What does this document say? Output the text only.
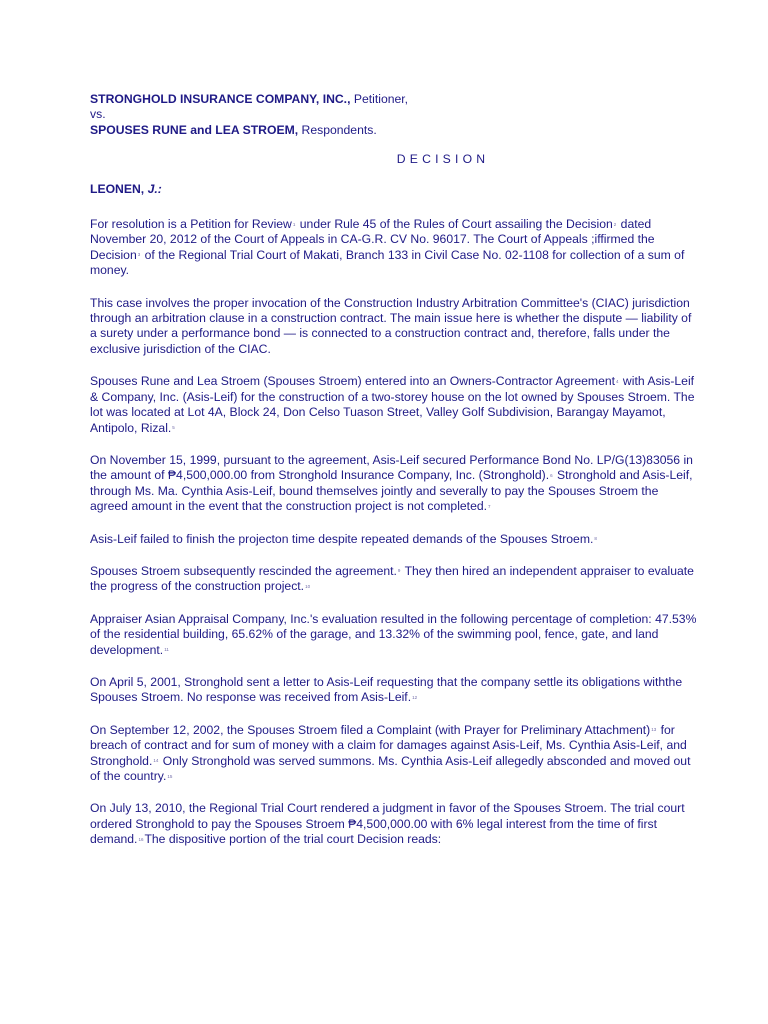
STRONGHOLD INSURANCE COMPANY, INC., Petitioner,

vs.

SPOUSES RUNE and LEA STROEM, Respondents.

DECISION

LEONEN, J.:

For resolution is a Petition for Review1 under Rule 45 of the Rules of Court assailing the Decision2 dated November 20, 2012 of the Court of Appeals in CA-G.R. CV No. 96017. The Court of Appeals ;iffirmed the Decision3 of the Regional Trial Court of Makati, Branch 133 in Civil Case No. 02-1108 for collection of a sum of money.

This case involves the proper invocation of the Construction Industry Arbitration Committee's (CIAC) jurisdiction through an arbitration clause in a construction contract. The main issue here is whether the dispute — liability of a surety under a performance bond — is connected to a construction contract and, therefore, falls under the exclusive jurisdiction of the CIAC.

Spouses Rune and Lea Stroem (Spouses Stroem) entered into an Owners-Contractor Agreement4 with Asis-Leif & Company, Inc. (Asis-Leif) for the construction of a two-storey house on the lot owned by Spouses Stroem. The lot was located at Lot 4A, Block 24, Don Celso Tuason Street, Valley Golf Subdivision, Barangay Mayamot, Antipolo, Rizal.5

On November 15, 1999, pursuant to the agreement, Asis-Leif secured Performance Bond No. LP/G(13)83056 in the amount of ₱4,500,000.00 from Stronghold Insurance Company, Inc. (Stronghold).6 Stronghold and Asis-Leif, through Ms. Ma. Cynthia Asis-Leif, bound themselves jointly and severally to pay the Spouses Stroem the agreed amount in the event that the construction project is not completed.7

Asis-Leif failed to finish the projecton time despite repeated demands of the Spouses Stroem.8

Spouses Stroem subsequently rescinded the agreement.9 They then hired an independent appraiser to evaluate the progress of the construction project.10

Appraiser Asian Appraisal Company, Inc.'s evaluation resulted in the following percentage of completion: 47.53% of the residential building, 65.62% of the garage, and 13.32% of the swimming pool, fence, gate, and land development.11

On April 5, 2001, Stronghold sent a letter to Asis-Leif requesting that the company settle its obligations withthe Spouses Stroem. No response was received from Asis-Leif.12

On September 12, 2002, the Spouses Stroem filed a Complaint (with Prayer for Preliminary Attachment)13 for breach of contract and for sum of money with a claim for damages against Asis-Leif, Ms. Cynthia Asis-Leif, and Stronghold.14 Only Stronghold was served summons. Ms. Cynthia Asis-Leif allegedly absconded and moved out of the country.15

On July 13, 2010, the Regional Trial Court rendered a judgment in favor of the Spouses Stroem. The trial court ordered Stronghold to pay the Spouses Stroem ₱4,500,000.00 with 6% legal interest from the time of first demand.16The dispositive portion of the trial court Decision reads:
